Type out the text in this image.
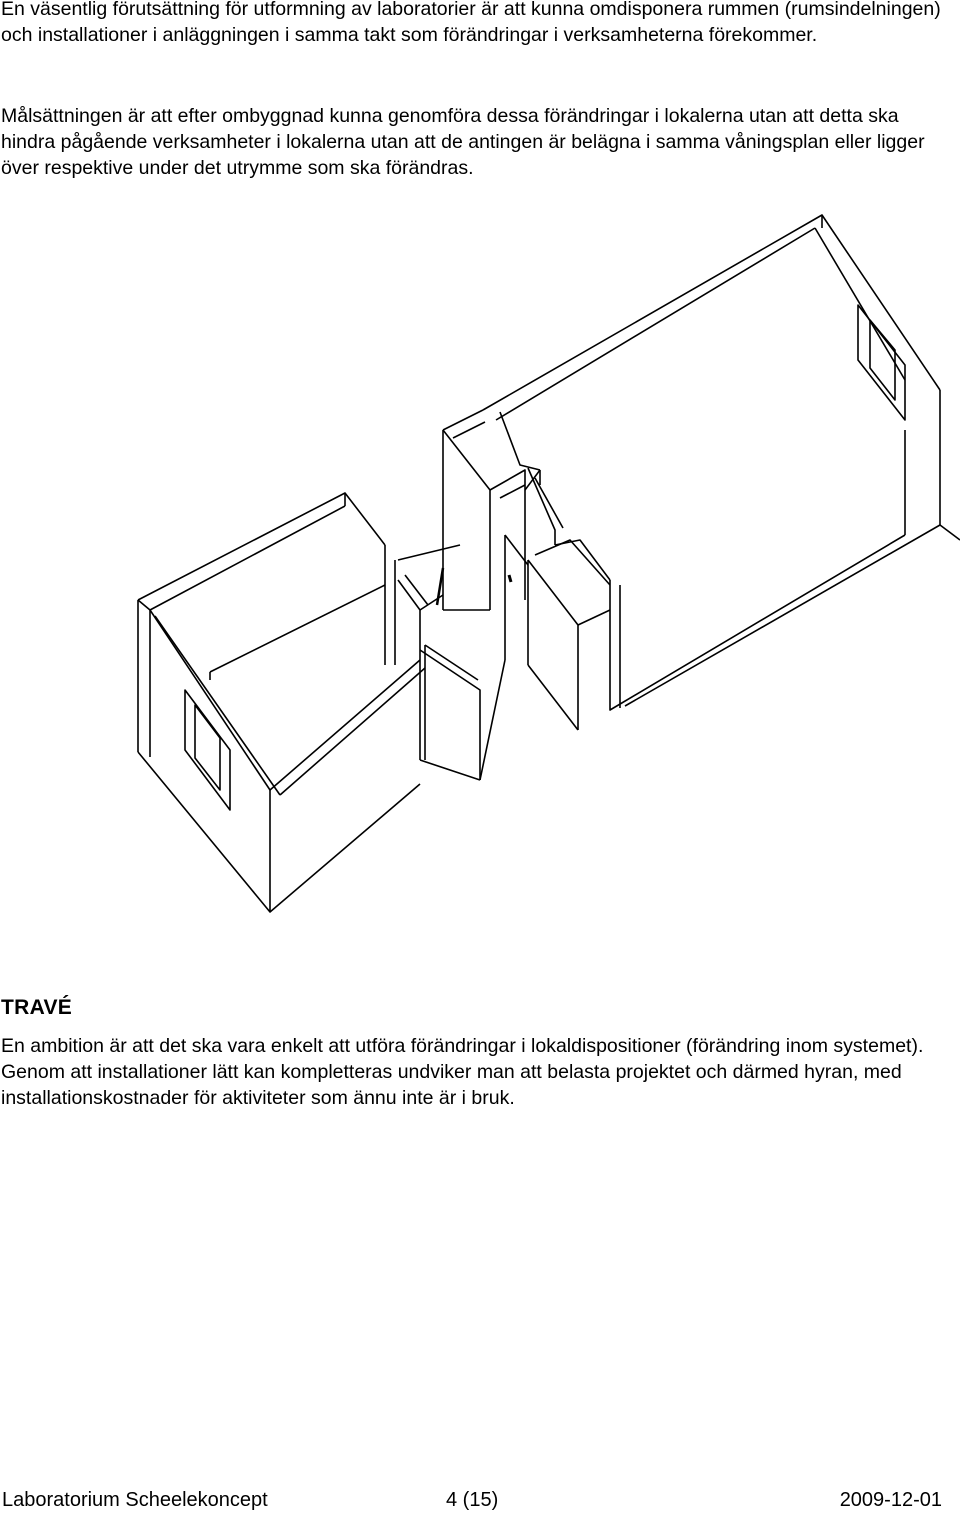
En väsentlig förutsättning för utformning av laboratorier är att kunna omdisponera rummen (rumsindelningen) och installationer i anläggningen i samma takt som förändringar i verksamheterna förekommer.

Målsättningen är att efter ombyggnad kunna genomföra dessa förändringar i lokalerna utan att detta ska hindra pågående verksamheter i lokalerna utan att de antingen är belägna i samma våningsplan eller ligger över respektive under det utrymme som ska förändras.

TRAVÉ

En ambition är att det ska vara enkelt att utföra förändringar i lokaldispositioner (förändring inom systemet). Genom att installationer lätt kan kompletteras undviker man att belasta projektet och därmed hyran, med installationskostnader för aktiviteter som ännu inte är i bruk.

Laboratorium Scheelekoncept	4 (15)	2009-12-01
